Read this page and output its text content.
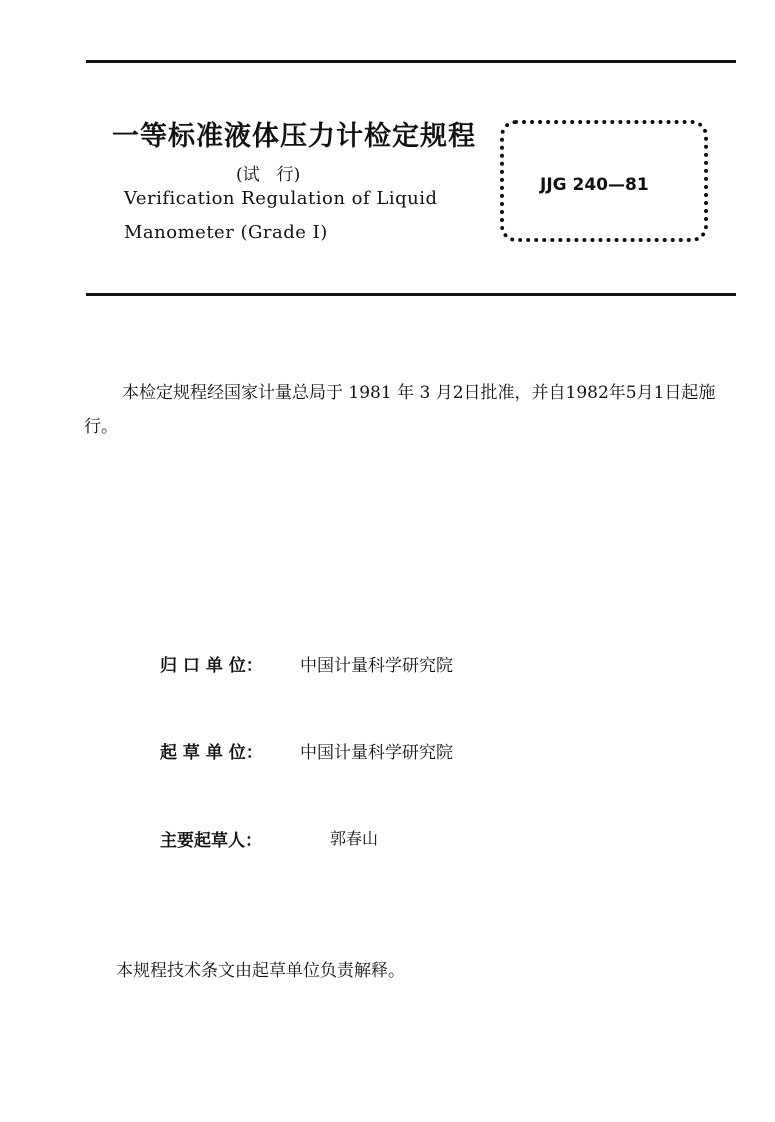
一等标准液体压力计检定规程
(试　行)
Verification Regulation of Liquid
Manometer (Grade Ⅰ)
JJG 240—81

本检定规程经国家计量总局于 1981 年 3 月2日批准，并自1982年5月1日起施行。

归 口 单 位： 中国计量科学研究院
起 草 单 位： 中国计量科学研究院
主要起草人：	郭春山
本规程技术条文由起草单位负责解释。
